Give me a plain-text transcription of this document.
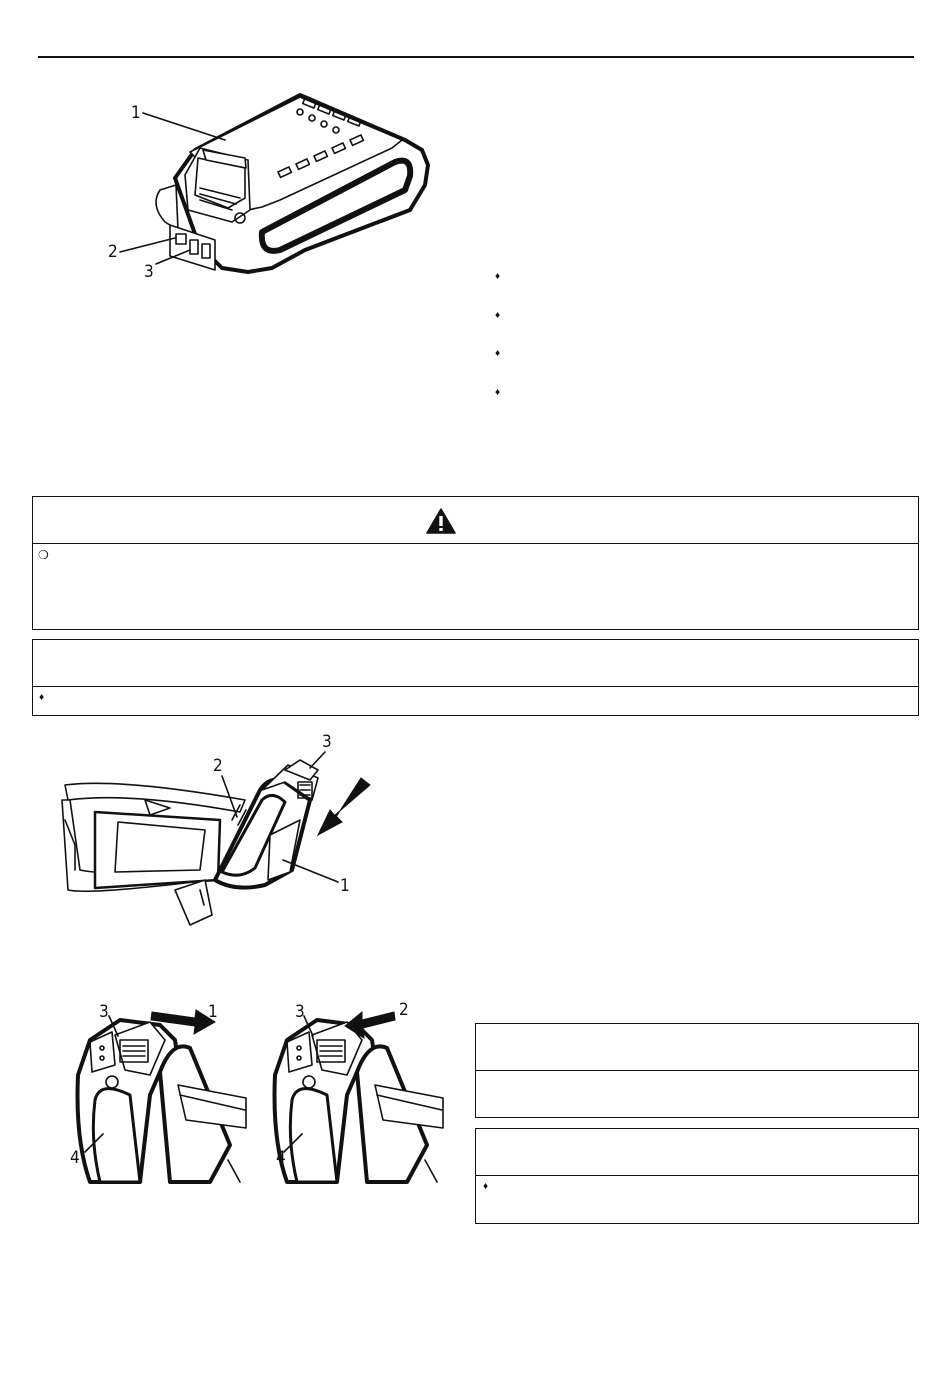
1
2
3	♦
♦
♦
♦
❍
♦
3
2
1
3	1
4
3	2
4
♦
